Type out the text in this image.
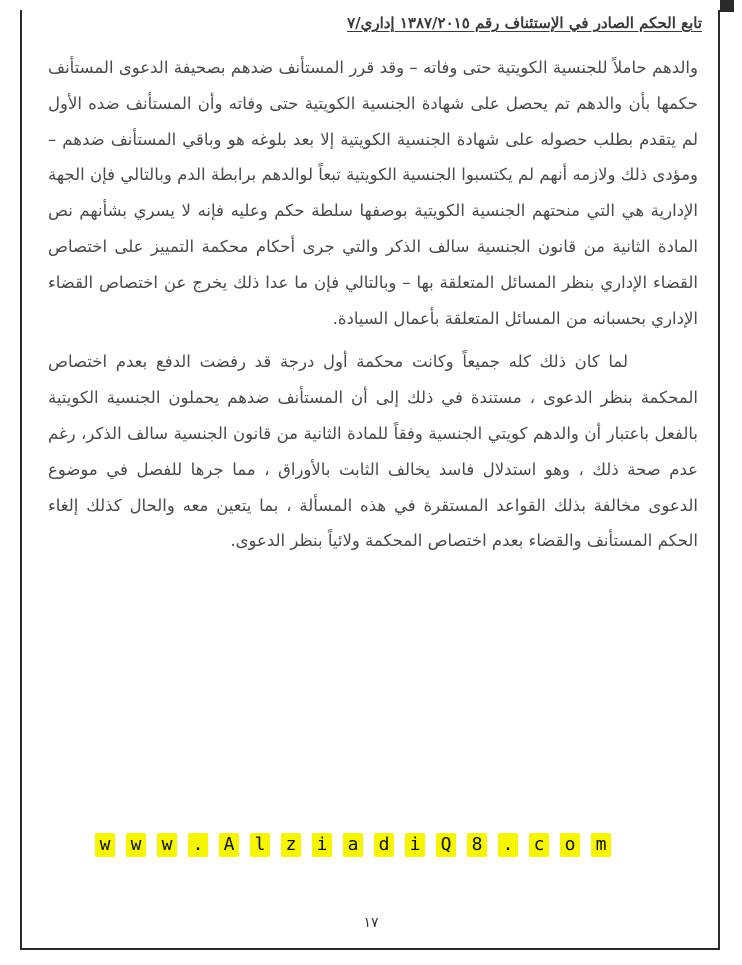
تابع الحكم الصادر في الإستئناف رقم ١٣٨٧/٢٠١٥ إداري/٧

والدهم حاملاً للجنسية الكويتية حتى وفاته – وقد قرر المستأنف ضدهم بصحيفة الدعوى المستأنف حكمها بأن والدهم تم يحصل على شهادة الجنسية الكويتية حتى وفاته وأن المستأنف ضده الأول لم يتقدم بطلب حصوله على شهادة الجنسية الكويتية إلا بعد بلوغه هو وباقي المستأنف ضدهم – ومؤدى ذلك ولازمه أنهم لم يكتسبوا الجنسية الكويتية تبعاً لوالدهم برابطة الدم وبالتالي فإن الجهة الإدارية هي التي منحتهم الجنسية الكويتية بوصفها سلطة حكم وعليه فإنه لا يسري بشأنهم نص المادة الثانية من قانون الجنسية سالف الذكر والتي جرى أحكام محكمة التمييز على اختصاص القضاء الإداري بنظر المسائل المتعلقة بها – وبالتالي فإن ما عدا ذلك يخرج عن اختصاص القضاء الإداري بحسبانه من المسائل المتعلقة بأعمال السيادة.

لما كان ذلك كله جميعاً وكانت محكمة أول درجة قد رفضت الدفع بعدم اختصاص المحكمة بنظر الدعوى ، مستندة في ذلك إلى أن المستأنف ضدهم يحملون الجنسية الكويتية بالفعل باعتبار أن والدهم كويتي الجنسية وفقاً للمادة الثانية من قانون الجنسية سالف الذكر، رغم عدم صحة ذلك ، وهو استدلال فاسد يخالف الثابت بالأوراق ، مما جرها للفصل في موضوع الدعوى مخالفة بذلك القواعد المستقرة في هذه المسألة ، بما يتعين معه والحال كذلك إلغاء الحكم المستأنف والقضاء بعدم اختصاص المحكمة ولائياً بنظر الدعوى.

w w w . A l z i a d i Q 8 . c o m
١٧
